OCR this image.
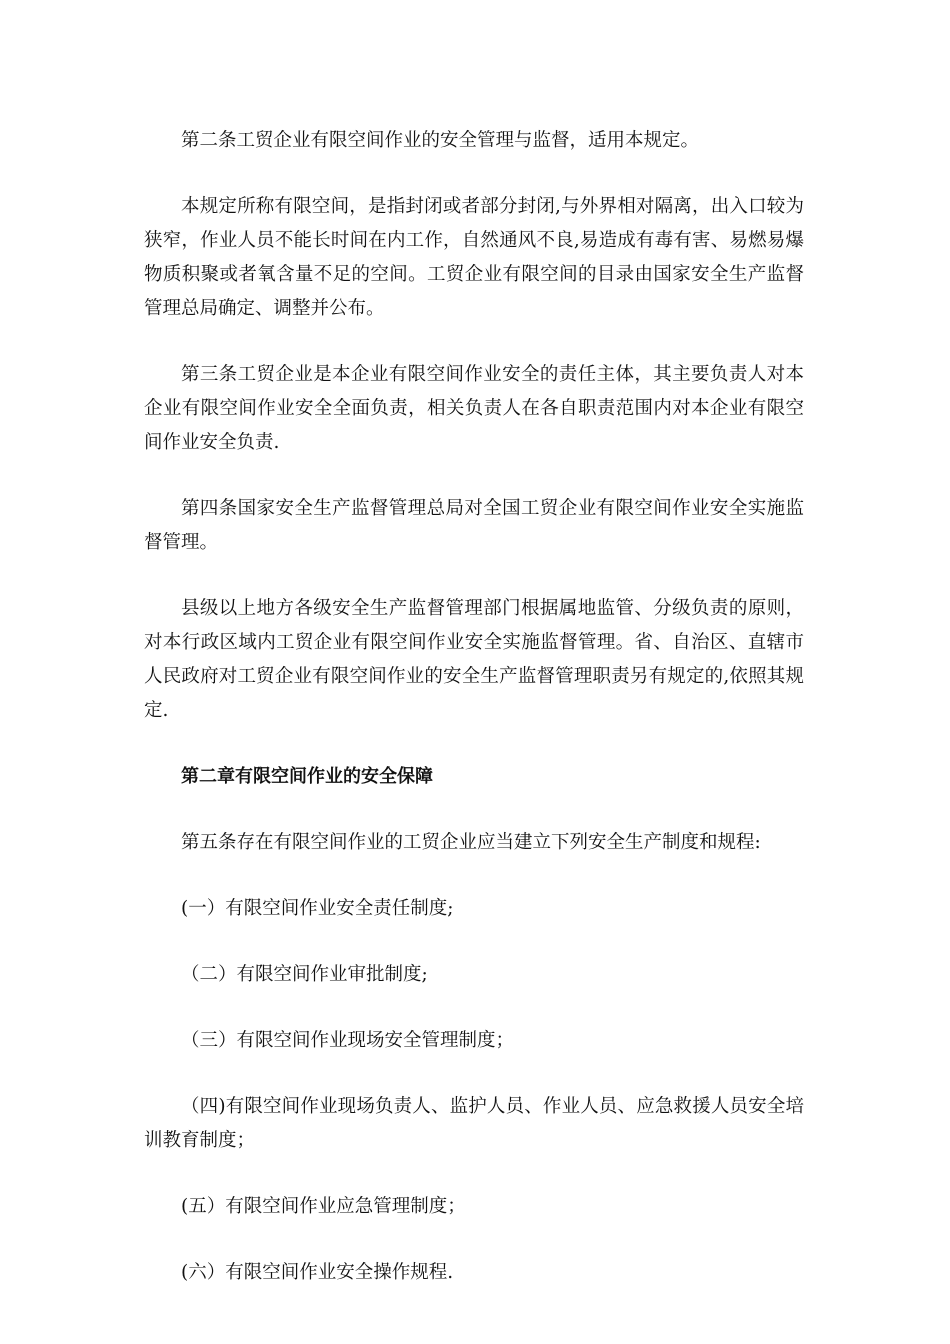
第二条工贸企业有限空间作业的安全管理与监督，适用本规定。

本规定所称有限空间，是指封闭或者部分封闭,与外界相对隔离，出入口较为狭窄，作业人员不能长时间在内工作，自然通风不良,易造成有毒有害、易燃易爆物质积聚或者氧含量不足的空间。工贸企业有限空间的目录由国家安全生产监督管理总局确定、调整并公布。

第三条工贸企业是本企业有限空间作业安全的责任主体，其主要负责人对本企业有限空间作业安全全面负责，相关负责人在各自职责范围内对本企业有限空间作业安全负责.

第四条国家安全生产监督管理总局对全国工贸企业有限空间作业安全实施监督管理。

县级以上地方各级安全生产监督管理部门根据属地监管、分级负责的原则，对本行政区域内工贸企业有限空间作业安全实施监督管理。省、自治区、直辖市人民政府对工贸企业有限空间作业的安全生产监督管理职责另有规定的,依照其规定.

第二章有限空间作业的安全保障

第五条存在有限空间作业的工贸企业应当建立下列安全生产制度和规程:

(一）有限空间作业安全责任制度;

（二）有限空间作业审批制度;

（三）有限空间作业现场安全管理制度；

（四)有限空间作业现场负责人、监护人员、作业人员、应急救援人员安全培训教育制度；

(五）有限空间作业应急管理制度；

(六）有限空间作业安全操作规程.
